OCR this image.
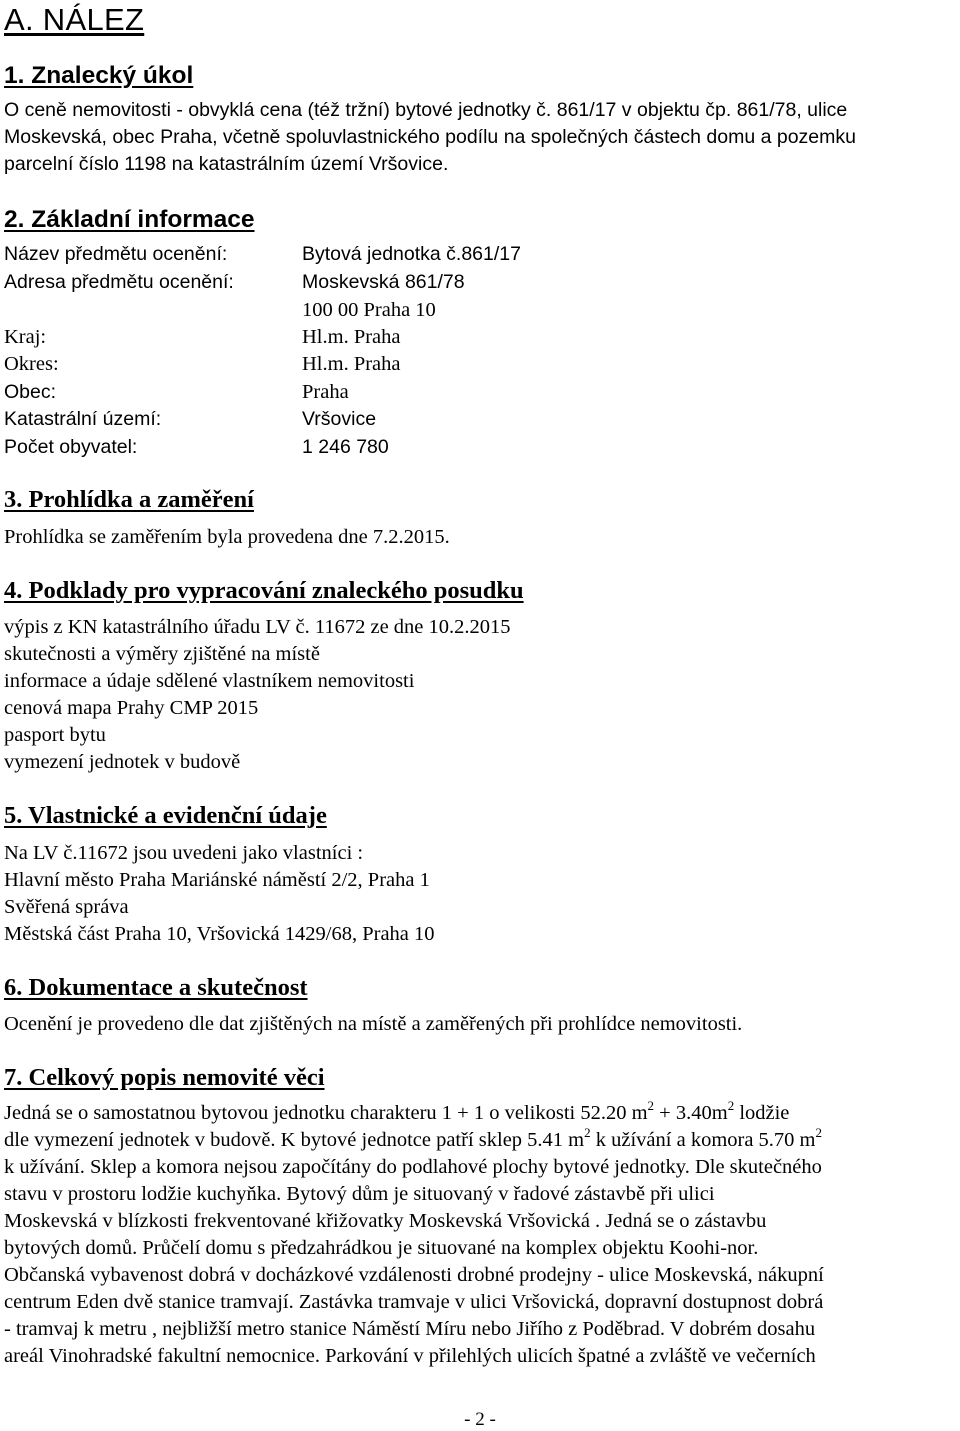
A. NÁLEZ
1. Znalecký úkol
O ceně nemovitosti - obvyklá cena (též tržní) bytové jednotky č. 861/17 v objektu čp. 861/78, ulice
Moskevská, obec Praha, včetně spoluvlastnického podílu na společných částech domu a pozemku
parcelní číslo 1198 na katastrálním území Vršovice.
2. Základní informace
Název předmětu ocenění:	Bytová jednotka č.861/17
Adresa předmětu ocenění:	Moskevská 861/78
100 00 Praha 10
Kraj:	Hl.m. Praha
Okres:	Hl.m. Praha
Obec:	Praha
Katastrální území:	Vršovice
Počet obyvatel:	1 246 780
3. Prohlídka a zaměření
Prohlídka se zaměřením byla provedena dne 7.2.2015.
4. Podklady pro vypracování znaleckého posudku
výpis z KN katastrálního úřadu LV č. 11672 ze dne 10.2.2015
skutečnosti a výměry zjištěné na místě
informace a údaje sdělené vlastníkem nemovitosti
cenová mapa Prahy CMP 2015
pasport bytu
vymezení jednotek v budově
5. Vlastnické a evidenční údaje
Na LV č.11672 jsou uvedeni jako vlastníci :
Hlavní město Praha Mariánské náměstí 2/2, Praha 1
Svěřená správa
Městská část Praha 10, Vršovická 1429/68, Praha 10
6. Dokumentace a skutečnost
Ocenění je provedeno dle dat zjištěných na místě a zaměřených při prohlídce nemovitosti.
7. Celkový popis nemovité věci
Jedná se o samostatnou bytovou jednotku charakteru 1 + 1 o velikosti 52.20 $m^2 + 3.40m^2$ lodžie
dle vymezení jednotek v budově. K bytové jednotce patří sklep 5.41 $m^2$ k užívání a komora 5.70 $m^2$
k užívání. Sklep a komora nejsou započítány do podlahové plochy bytové jednotky. Dle skutečného
stavu v prostoru lodžie kuchyňka. Bytový dům je situovaný v řadové zástavbě při ulici
Moskevská v blízkosti frekventované křižovatky Moskevská Vršovická . Jedná se o zástavbu
bytových domů. Průčelí domu s předzahrádkou je situované na komplex objektu Koohi-nor.
Občanská vybavenost dobrá v docházkové vzdálenosti drobné prodejny - ulice Moskevská, nákupní
centrum Eden dvě stanice tramvají. Zastávka tramvaje v ulici Vršovická, dopravní dostupnost dobrá
- tramvaj k metru , nejbližší metro stanice Náměstí Míru nebo Jiřího z Poděbrad. V dobrém dosahu
areál Vinohradské fakultní nemocnice. Parkování v přilehlých ulicích špatné a zvláště ve večerních
- 2 -
